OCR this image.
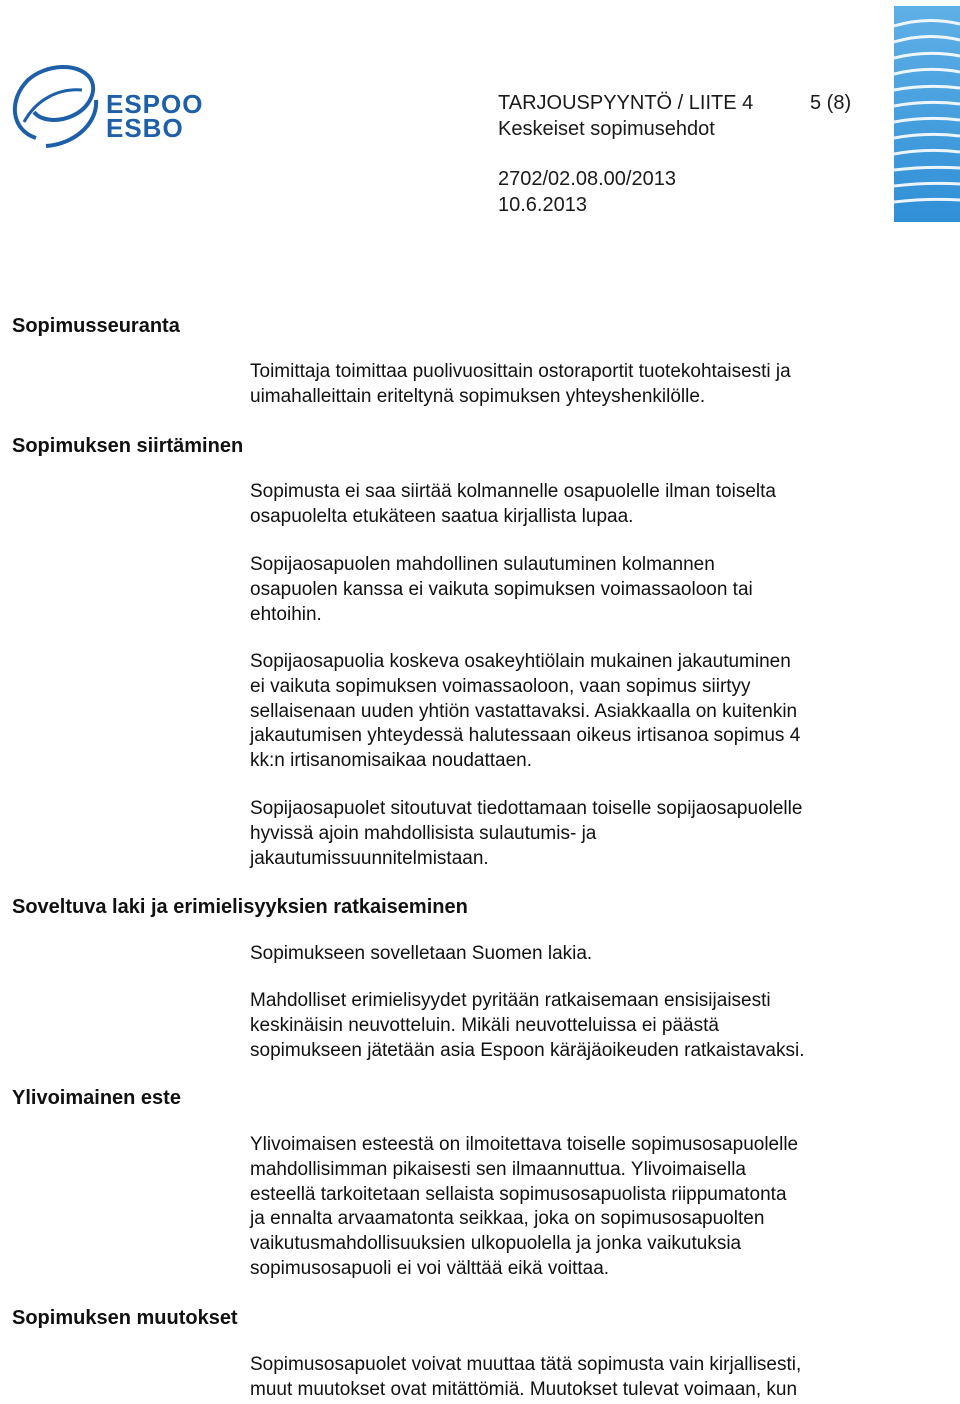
ESPOO
ESBO
TARJOUSPYYNTÖ / LIITE 4	5 (8)
Keskeiset sopimusehdot
2702/02.08.00/2013
10.6.2013
Sopimusseuranta
Toimittaja toimittaa puolivuosittain ostoraportit tuotekohtaisesti ja
uimahalleittain eriteltynä sopimuksen yhteyshenkilölle.
Sopimuksen siirtäminen
Sopimusta ei saa siirtää kolmannelle osapuolelle ilman toiselta
osapuolelta etukäteen saatua kirjallista lupaa.
Sopijaosapuolen mahdollinen sulautuminen kolmannen
osapuolen kanssa ei vaikuta sopimuksen voimassaoloon tai
ehtoihin.
Sopijaosapuolia koskeva osakeyhtiölain mukainen jakautuminen
ei vaikuta sopimuksen voimassaoloon, vaan sopimus siirtyy
sellaisenaan uuden yhtiön vastattavaksi. Asiakkaalla on kuitenkin
jakautumisen yhteydessä halutessaan oikeus irtisanoa sopimus 4
kk:n irtisanomisaikaa noudattaen.
Sopijaosapuolet sitoutuvat tiedottamaan toiselle sopijaosapuolelle
hyvissä ajoin mahdollisista sulautumis- ja
jakautumissuunnitelmistaan.
Soveltuva laki ja erimielisyyksien ratkaiseminen
Sopimukseen sovelletaan Suomen lakia.
Mahdolliset erimielisyydet pyritään ratkaisemaan ensisijaisesti
keskinäisin neuvotteluin. Mikäli neuvotteluissa ei päästä
sopimukseen jätetään asia Espoon käräjäoikeuden ratkaistavaksi.
Ylivoimainen este
Ylivoimaisen esteestä on ilmoitettava toiselle sopimusosapuolelle
mahdollisimman pikaisesti sen ilmaannuttua. Ylivoimaisella
esteellä tarkoitetaan sellaista sopimusosapuolista riippumatonta
ja ennalta arvaamatonta seikkaa, joka on sopimusosapuolten
vaikutusmahdollisuuksien ulkopuolella ja jonka vaikutuksia
sopimusosapuoli ei voi välttää eikä voittaa.
Sopimuksen muutokset
Sopimusosapuolet voivat muuttaa tätä sopimusta vain kirjallisesti,
muut muutokset ovat mitättömiä. Muutokset tulevat voimaan, kun
